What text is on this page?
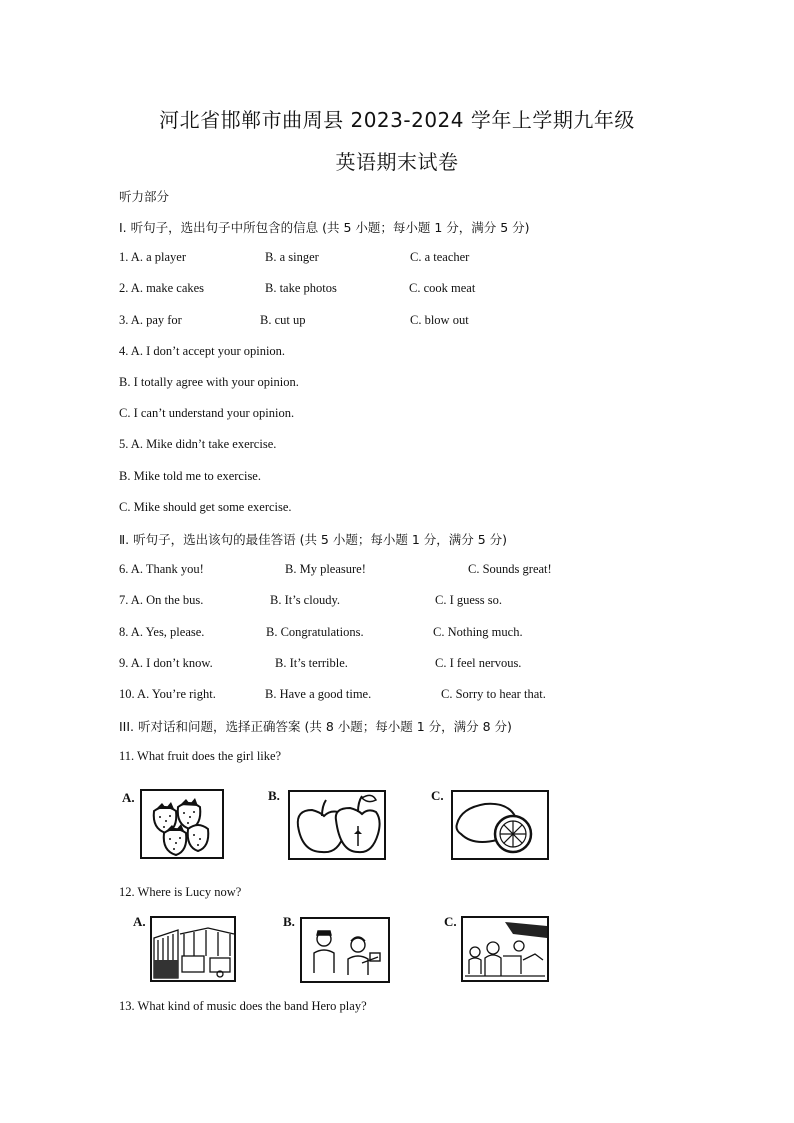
河北省邯郸市曲周县 2023-2024 学年上学期九年级
英语期末试卷
听力部分
Ⅰ. 听句子，选出句子中所包含的信息 (共 5 小题；每小题 1 分，满分 5 分)
1. A. a player	B. a singer	C. a teacher
2. A. make cakes	B. take photos	C. cook meat
3. A. pay for	B. cut up	C. blow out
4. A. I don’t accept your opinion.
B. I totally agree with your opinion.
C. I can’t understand your opinion.
5. A. Mike didn’t take exercise.
B. Mike told me to exercise.
C. Mike should get some exercise.
Ⅱ. 听句子，选出该句的最佳答语 (共 5 小题；每小题 1 分，满分 5 分)
6. A. Thank you!	B. My pleasure!	C. Sounds great!
7. A. On the bus.	B. It’s cloudy.	C. I guess so.
8. A. Yes, please.	B. Congratulations.	C. Nothing much.
9. A. I don’t know.	B. It’s terrible.	C. I feel nervous.
10. A. You’re right.	B. Have a good time.	C. Sorry to hear that.
III. 听对话和问题，选择正确答案 (共 8 小题；每小题 1 分，满分 8 分)
11. What fruit does the girl like?
A.	B.	C.
12. Where is Lucy now?
A.	B.	C.
13. What kind of music does the band Hero play?
